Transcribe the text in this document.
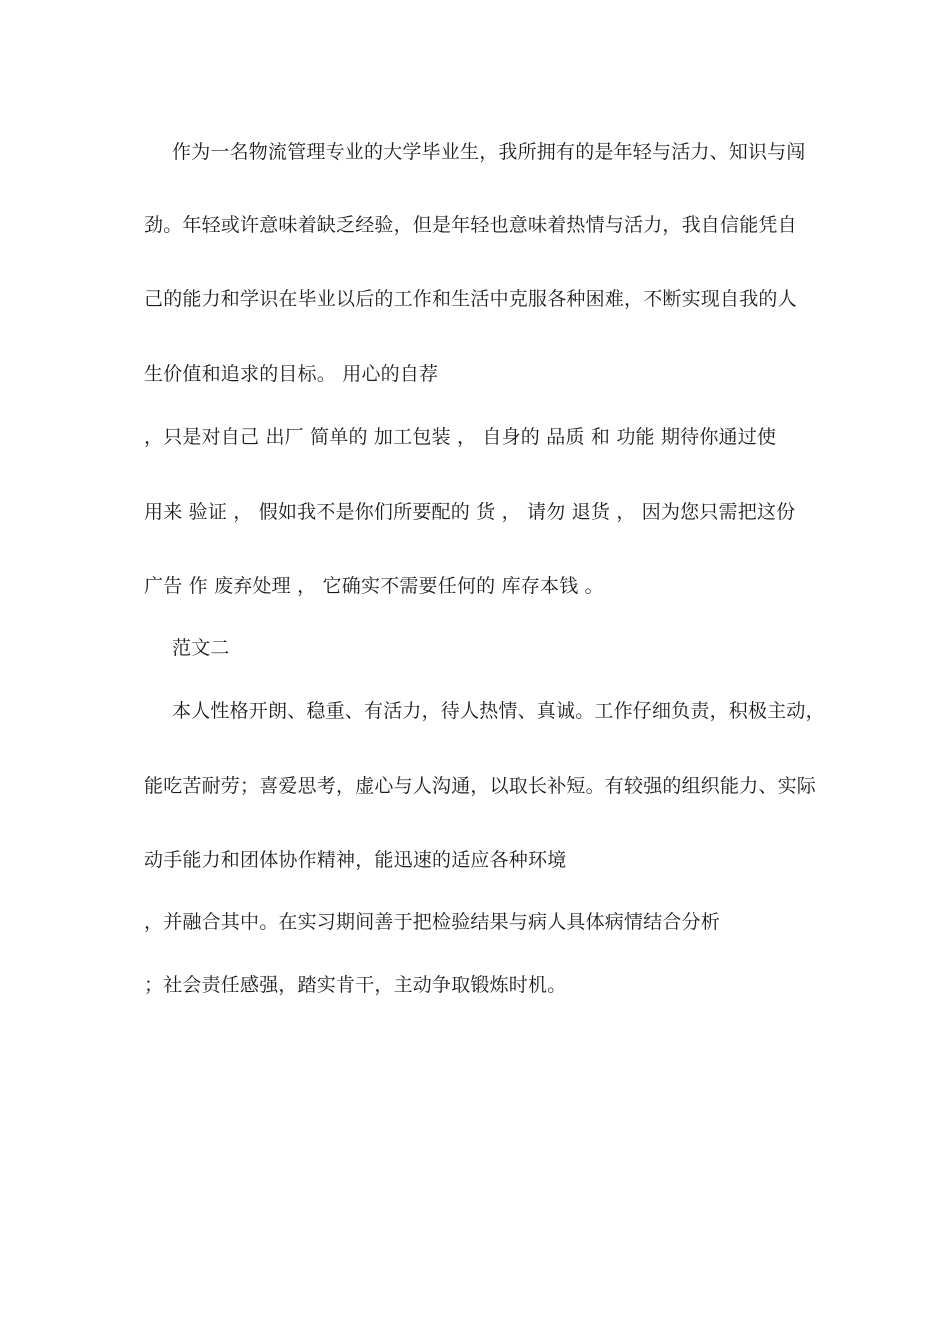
作为一名物流管理专业的大学毕业生，我所拥有的是年轻与活力、知识与闯
劲。年轻或许意味着缺乏经验，但是年轻也意味着热情与活力，我自信能凭自
己的能力和学识在毕业以后的工作和生活中克服各种困难，不断实现自我的人
生价值和追求的目标。 用心的自荐
，只是对自己 出厂 简单的 加工包装 ， 自身的 品质 和 功能 期待你通过使
用来 验证 ， 假如我不是你们所要配的 货 ， 请勿 退货 ， 因为您只需把这份
广告 作 废弃处理 ， 它确实不需要任何的 库存本钱 。
范文二
本人性格开朗、稳重、有活力，待人热情、真诚。工作仔细负责，积极主动，
能吃苦耐劳；喜爱思考，虚心与人沟通，以取长补短。有较强的组织能力、实际
动手能力和团体协作精神，能迅速的适应各种环境
，并融合其中。在实习期间善于把检验结果与病人具体病情结合分析
；社会责任感强，踏实肯干，主动争取锻炼时机。
